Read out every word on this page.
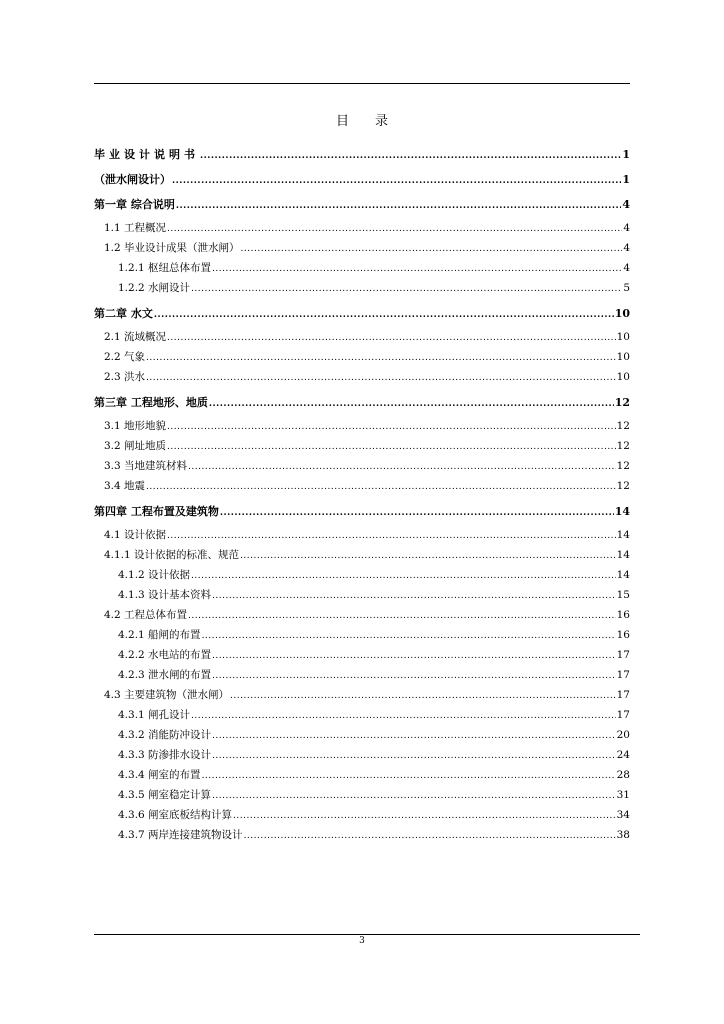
目 录
毕业设计说明书 .....	1
（泄水闸设计） .....	1
第一章 综合说明 .....	4
1.1 工程概况 .....	4
1.2 毕业设计成果（泄水闸） .....	4
1.2.1 枢纽总体布置 .....	4
1.2.2 水闸设计 .....	5
第二章 水文 .....	10
2.1 流域概况 .....	10
2.2 气象 .....	10
2.3 洪水 .....	10
第三章 工程地形、地质 .....	12
3.1 地形地貌 .....	12
3.2 闸址地质 .....	12
3.3 当地建筑材料 .....	12
3.4 地震 .....	12
第四章 工程布置及建筑物 .....	14
4.1 设计依据 .....	14
4.1.1 设计依据的标准、规范 .....	14
4.1.2 设计依据 .....	14
4.1.3 设计基本资料 .....	15
4.2 工程总体布置 .....	16
4.2.1 船闸的布置 .....	16
4.2.2 水电站的布置 .....	17
4.2.3 泄水闸的布置 .....	17
4.3 主要建筑物（泄水闸） .....	17
4.3.1 闸孔设计 .....	17
4.3.2 消能防冲设计 .....	20
4.3.3 防渗排水设计 .....	24
4.3.4 闸室的布置 .....	28
4.3.5 闸室稳定计算 .....	31
4.3.6 闸室底板结构计算 .....	34
4.3.7 两岸连接建筑物设计 .....	38
3
